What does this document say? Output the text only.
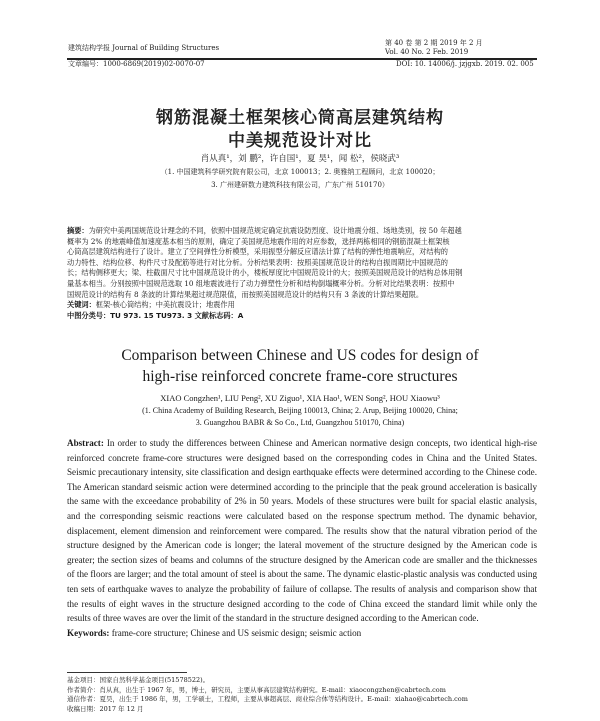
建筑结构学报 Journal of Building Structures
第 40 卷 第 2 期 2019 年 2 月
Vol. 40 No. 2 Feb. 2019
文章编号：1000-6869(2019)02-0070-07	DOI: 10. 14006/j. jzjgxb. 2019. 02. 005
钢筋混凝土框架核心筒高层建筑结构
中美规范设计对比
肖从真¹，刘 鹏²，许自国¹，夏 昊¹，闻 松²，侯晓武³
（1. 中国建筑科学研究院有限公司，北京 100013；2. 奥雅纳工程顾问，北京 100020；
3. 广州建研数力建筑科技有限公司，广东广州 510170）
摘要：为研究中美两国规范设计理念的不同，依照中国规范规定确定抗震设防烈度、设计地震分组、场地类别，按 50 年超越
概率为 2% 的地震峰值加速度基本相当的原则，确定了美国规范地震作用的对应参数，选择两栋相同的钢筋混凝土框架核
心筒高层建筑结构进行了设计。建立了空间弹性分析模型，采用振型分解反应谱法计算了结构的弹性地震响应，对结构的
动力特性、结构位移、构件尺寸及配筋等进行对比分析。分析结果表明：按照美国规范设计的结构自振周期比中国规范的
长；结构侧移更大；梁、柱截面尺寸比中国规范设计的小，楼板厚度比中国规范设计的大；按照美国规范设计的结构总体用钢
量基本相当。分别按照中国规范选取 10 组地震波进行了动力弹塑性分析和结构倒塌概率分析。分析对比结果表明：按照中
国规范设计的结构有 8 条波的计算结果超过规范限值，而按照美国规范设计的结构只有 3 条波的计算结果超限。
关键词：框架-核心筒结构；中美抗震设计；地震作用
中图分类号：TU 973. 15 TU973. 3 文献标志码：A
Comparison between Chinese and US codes for design of
high-rise reinforced concrete frame-core structures
XIAO Congzhen¹, LIU Peng², XU Ziguo¹, XIA Hao¹, WEN Song², HOU Xiaowu³
(1. China Academy of Building Research, Beijing 100013, China; 2. Arup, Beijing 100020, China;
3. Guangzhou BABR & So Co., Ltd, Guangzhou 510170, China)
Abstract: In order to study the differences between Chinese and American normative design concepts, two identical high-rise reinforced concrete frame-core structures were designed based on the corresponding codes in China and the United States. Seismic precautionary intensity, site classification and design earthquake effects were determined according to the Chinese code. The American standard seismic action were determined according to the principle that the peak ground acceleration is basically the same with the exceedance probability of 2% in 50 years. Models of these structures were built for spacial elastic analysis, and the corresponding seismic reactions were calculated based on the response spectrum method. The dynamic behavior, displacement, element dimension and reinforcement were compared. The results show that the natural vibration period of the structure designed by the American code is longer; the lateral movement of the structure designed by the American code is greater; the section sizes of beams and columns of the structure designed by the American code are smaller and the thicknesses of the floors are larger; and the total amount of steel is about the same. The dynamic elastic-plastic analysis was conducted using ten sets of earthquake waves to analyze the probability of failure of collapse. The results of analysis and comparison show that the results of eight waves in the structure designed according to the code of China exceed the standard limit while only the results of three waves are over the limit of the standard in the structure designed according to the American code.
Keywords: frame-core structure; Chinese and US seismic design; seismic action
基金项目：国家自然科学基金项目(51578522)。
作者简介：肖从真，出生于 1967 年，男，博士，研究员，主要从事高层建筑结构研究。E-mail：xiaocongzhen@cabrtech.com
通信作者：夏昊，出生于 1986 年，男，工学硕士，工程师，主要从事超高层、商业综合体等结构设计。E-mail：xiahao@cabrtech.com
收稿日期：2017 年 12 月
